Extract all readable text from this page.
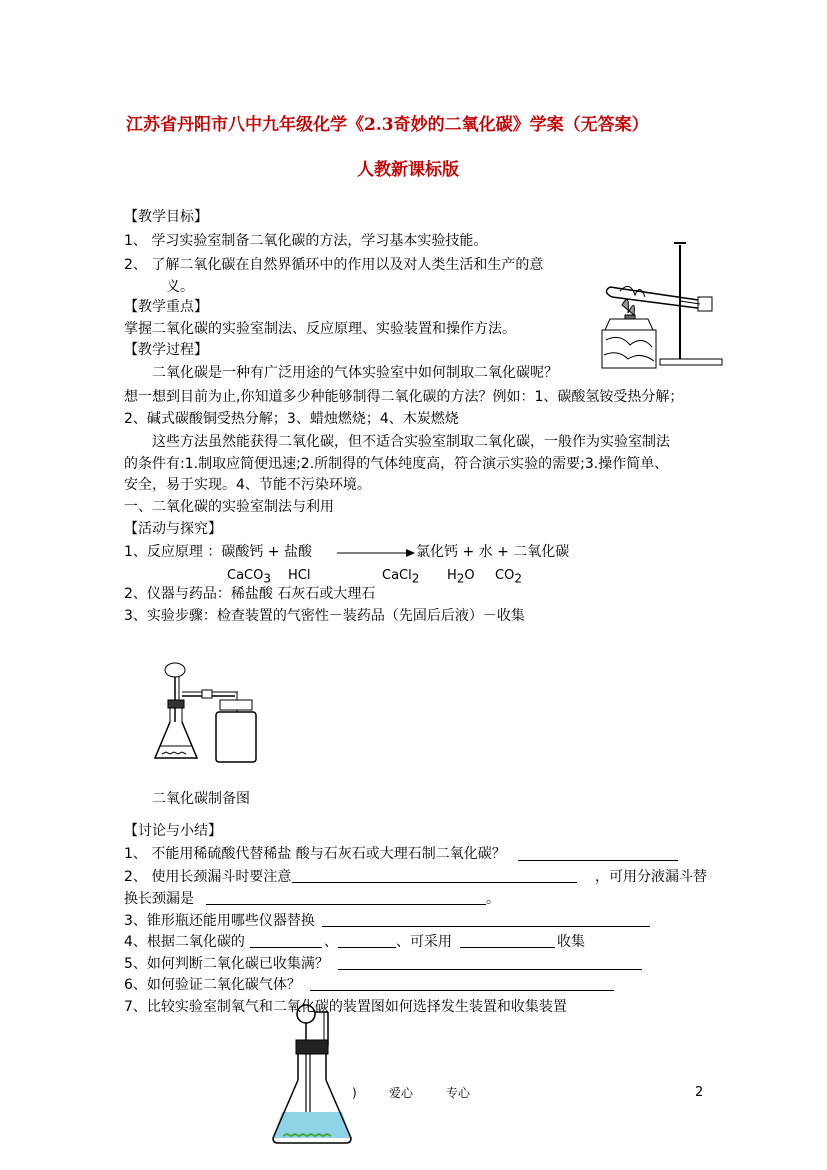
江苏省丹阳市八中九年级化学《2.3奇妙的二氧化碳》学案（无答案）
人教新课标版
【教学目标】
1、 学习实验室制备二氧化碳的方法，学习基本实验技能。
2、 了解二氧化碳在自然界循环中的作用以及对人类生活和生产的意
义。
【教学重点】
掌握二氧化碳的实验室制法、反应原理、实验装置和操作方法。
【教学过程】
二氧化碳是一种有广泛用途的气体实验室中如何制取二氧化碳呢？
想一想到目前为止,你知道多少种能够制得二氧化碳的方法？例如：1、碳酸氢铵受热分解；
2、碱式碳酸铜受热分解；3、蜡烛燃烧；4、木炭燃烧
这些方法虽然能获得二氧化碳，但不适合实验室制取二氧化碳，一般作为实验室制法
的条件有:1.制取应简便迅速;2.所制得的气体纯度高，符合演示实验的需要;3.操作简单、
安全，易于实现。4、节能不污染环境。
一、二氧化碳的实验室制法与利用
【活动与探究】
1、反应原理 ：碳酸钙 + 盐酸	氯化钙 + 水 + 二氧化碳
CaCO$_3$ HCl	CaCl$_2$ $H_2O$ $CO_2$
2、仪器与药品：稀盐酸 石灰石或大理石
3、实验步骤：检查装置的气密性－装药品（先固后后液）－收集
二氧化碳制备图
【讨论与小结】
1、 不能用稀硫酸代替稀盐 酸与石灰石或大理石制二氧化碳？
2、 使用长颈漏斗时要注意	，可用分液漏斗替
换长颈漏是	。
3、锥形瓶还能用哪些仪器替换
4、根据二氧化碳的	、	、可采用	收集
5、如何判断二氧化碳已收集满？
6、如何验证二氧化碳气体？
7、比较实验室制氧气和二氧化碳的装置图如何选择发生装置和收集装置
)	爱心	专心	2
